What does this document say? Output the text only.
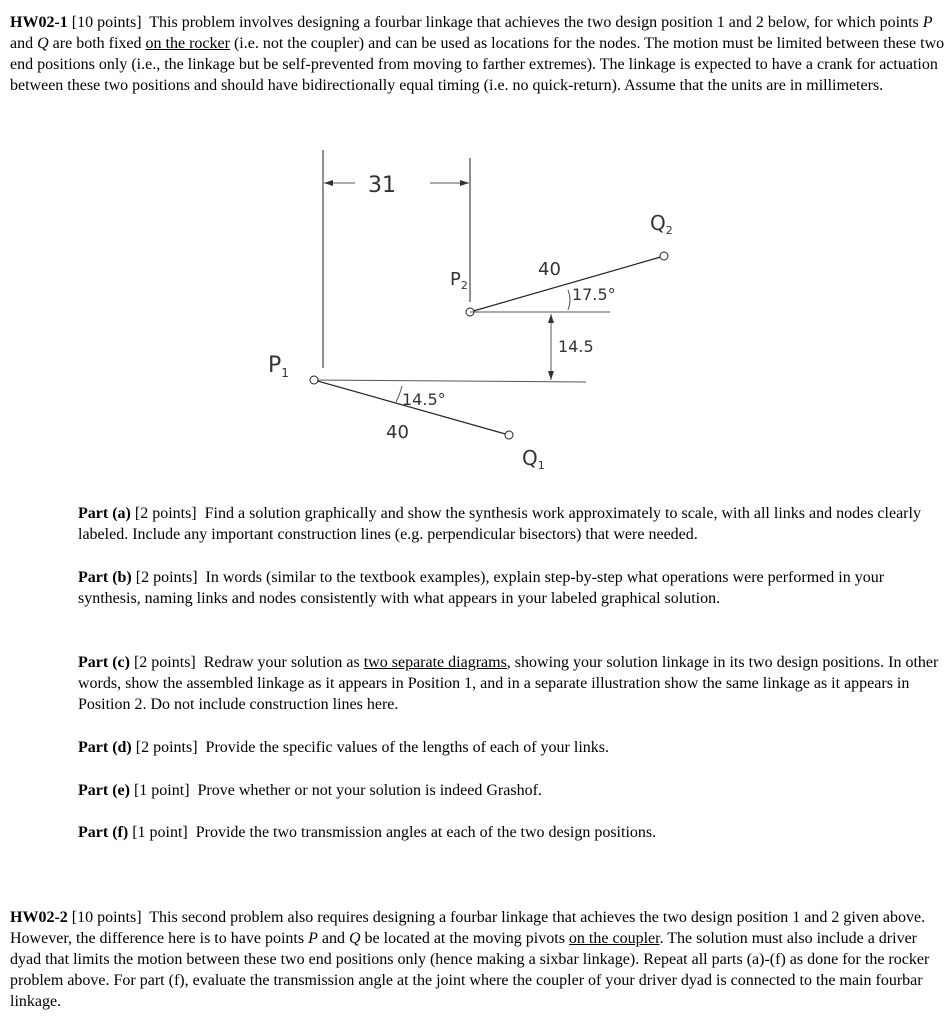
HW02-1 [10 points] This problem involves designing a fourbar linkage that achieves the two design position 1 and 2 below, for which points P and Q are both fixed on the rocker (i.e. not the coupler) and can be used as locations for the nodes. The motion must be limited between these two end positions only (i.e., the linkage but be self-prevented from moving to farther extremes). The linkage is expected to have a crank for actuation between these two positions and should have bidirectionally equal timing (i.e. no quick-return). Assume that the units are in millimeters.

31
$P_2$
40
17.5°
$Q_2$
14.5
$P_1$
14.5°
40
$Q_1$

Part (a) [2 points] Find a solution graphically and show the synthesis work approximately to scale, with all links and nodes clearly labeled. Include any important construction lines (e.g. perpendicular bisectors) that were needed.

Part (b) [2 points] In words (similar to the textbook examples), explain step-by-step what operations were performed in your synthesis, naming links and nodes consistently with what appears in your labeled graphical solution.

Part (c) [2 points] Redraw your solution as two separate diagrams, showing your solution linkage in its two design positions. In other words, show the assembled linkage as it appears in Position 1, and in a separate illustration show the same linkage as it appears in Position 2. Do not include construction lines here.

Part (d) [2 points] Provide the specific values of the lengths of each of your links.

Part (e) [1 point] Prove whether or not your solution is indeed Grashof.

Part (f) [1 point] Provide the two transmission angles at each of the two design positions.

HW02-2 [10 points] This second problem also requires designing a fourbar linkage that achieves the two design position 1 and 2 given above. However, the difference here is to have points P and Q be located at the moving pivots on the coupler. The solution must also include a driver dyad that limits the motion between these two end positions only (hence making a sixbar linkage). Repeat all parts (a)-(f) as done for the rocker problem above. For part (f), evaluate the transmission angle at the joint where the coupler of your driver dyad is connected to the main fourbar linkage.
